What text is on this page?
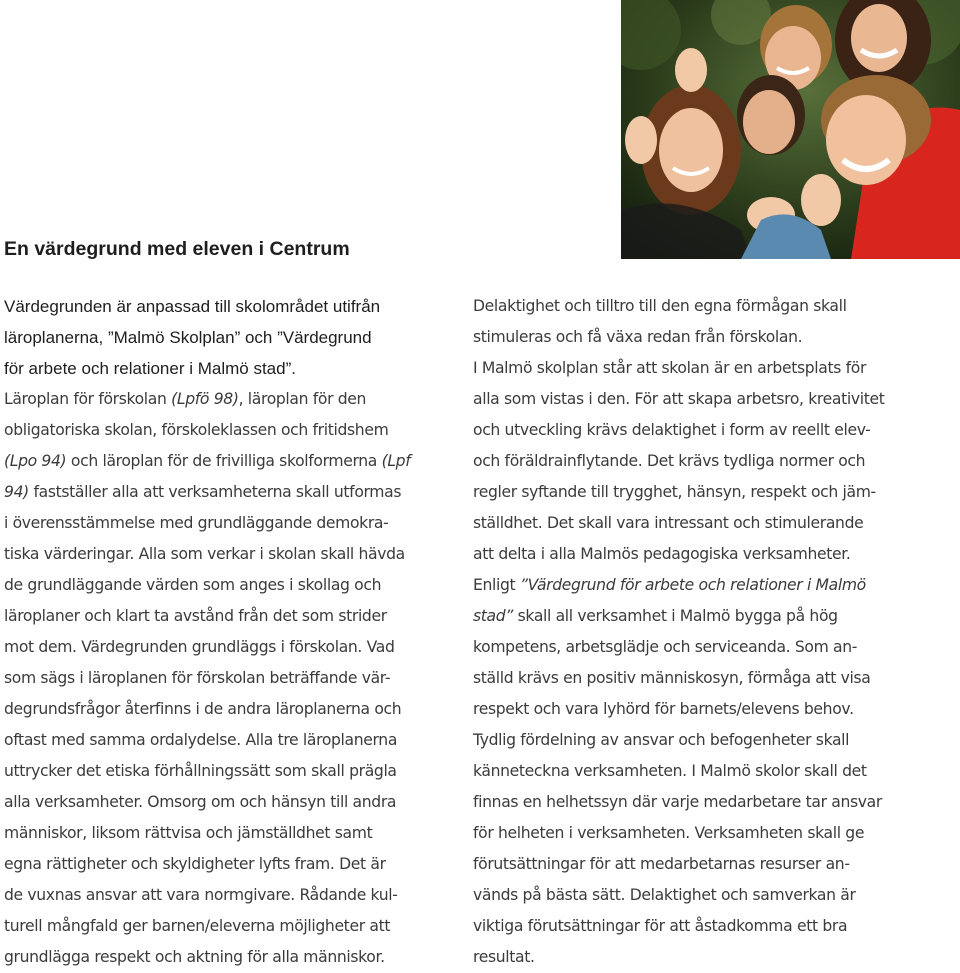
En värdegrund med eleven i Centrum
Värdegrunden är anpassad till skolområdet utifrån
läroplanerna, ”Malmö Skolplan” och ”Värdegrund
för arbete och relationer i Malmö stad”.
Läroplan för förskolan (Lpfö 98), läroplan för den
obligatoriska skolan, förskoleklassen och fritidshem
(Lpo 94) och läroplan för de frivilliga skolformerna (Lpf
94) fastställer alla att verksamheterna skall utformas
i överensstämmelse med grundläggande demokra-
tiska värderingar. Alla som verkar i skolan skall hävda
de grundläggande värden som anges i skollag och
läroplaner och klart ta avstånd från det som strider
mot dem. Värdegrunden grundläggs i förskolan. Vad
som sägs i läroplanen för förskolan beträffande vär-
degrundsfrågor återfinns i de andra läroplanerna och
oftast med samma ordalydelse. Alla tre läroplanerna
uttrycker det etiska förhållningssätt som skall prägla
alla verksamheter. Omsorg om och hänsyn till andra
människor, liksom rättvisa och jämställdhet samt
egna rättigheter och skyldigheter lyfts fram. Det är
de vuxnas ansvar att vara normgivare. Rådande kul-
turell mångfald ger barnen/eleverna möjligheter att
grundlägga respekt och aktning för alla människor.
Delaktighet och tilltro till den egna förmågan skall
stimuleras och få växa redan från förskolan.
I Malmö skolplan står att skolan är en arbetsplats för
alla som vistas i den. För att skapa arbetsro, kreativitet
och utveckling krävs delaktighet i form av reellt elev-
och föräldrainflytande. Det krävs tydliga normer och
regler syftande till trygghet, hänsyn, respekt och jäm-
ställdhet. Det skall vara intressant och stimulerande
att delta i alla Malmös pedagogiska verksamheter.
Enligt ”Värdegrund för arbete och relationer i Malmö
stad” skall all verksamhet i Malmö bygga på hög
kompetens, arbetsglädje och serviceanda. Som an-
ställd krävs en positiv människosyn, förmåga att visa
respekt och vara lyhörd för barnets/elevens behov.
Tydlig fördelning av ansvar och befogenheter skall
känneteckna verksamheten. I Malmö skolor skall det
finnas en helhetssyn där varje medarbetare tar ansvar
för helheten i verksamheten. Verksamheten skall ge
förutsättningar för att medarbetarnas resurser an-
vänds på bästa sätt. Delaktighet och samverkan är
viktiga förutsättningar för att åstadkomma ett bra
resultat.
